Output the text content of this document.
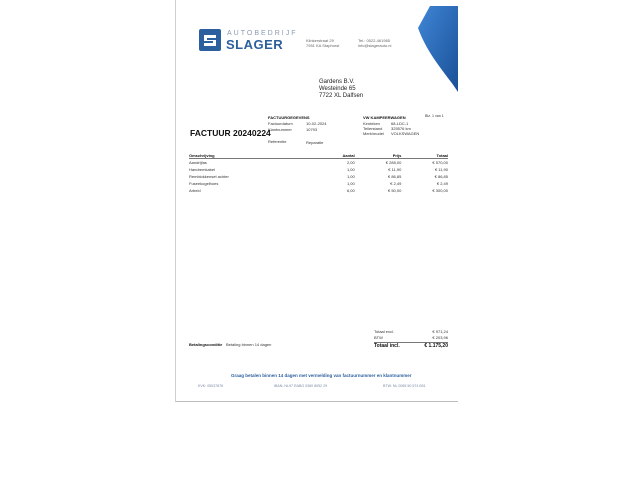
AUTOBEDRIJF
SLAGER	Klinkerstraat 29
7951 KA Staphorst
Tel.: 0522-461965
info@slagerauto.nl
Gardens B.V.
Westeinde 65
7722 XL Dalfsen
FACTUURGEGEVENS
Factuurdatum	10-02-2024
Klantnummer	10793
Referentie	Reparatie
VW KAMPEERWAGEN	Blz. 1 van 1
Kenteken	68-LDC-1
Tellerstand 325576 km
Merk/model VOLKSWAGEN
FACTUUR 20240224
Omschrijving	Aantal	Prijs	Totaal
Aandrijfas	2,00	€ 285,00	€ 570,00
Handremkabel	1,00	€ 11,90	€ 11,90
Remblokkenset achter	1,00	€ 86,85	€ 86,85
Fuseekogelhoes	1,00	€ 2,49	€ 2,49
Arbeid	6,00	€ 50,00	€ 300,00
Totaal excl.	€ 971,24
BTW	€ 203,96
Totaal incl.	€ 1.175,20
Betalingsconditie Betaling binnen 14 dagen
Graag betalen binnen 14 dagen met vermelding van factuurnummer en klantnummer
KVK: 05037876	IBAN: NL97 RABO 0360 8052 29	BTW: NL 0055 50 574 B01
